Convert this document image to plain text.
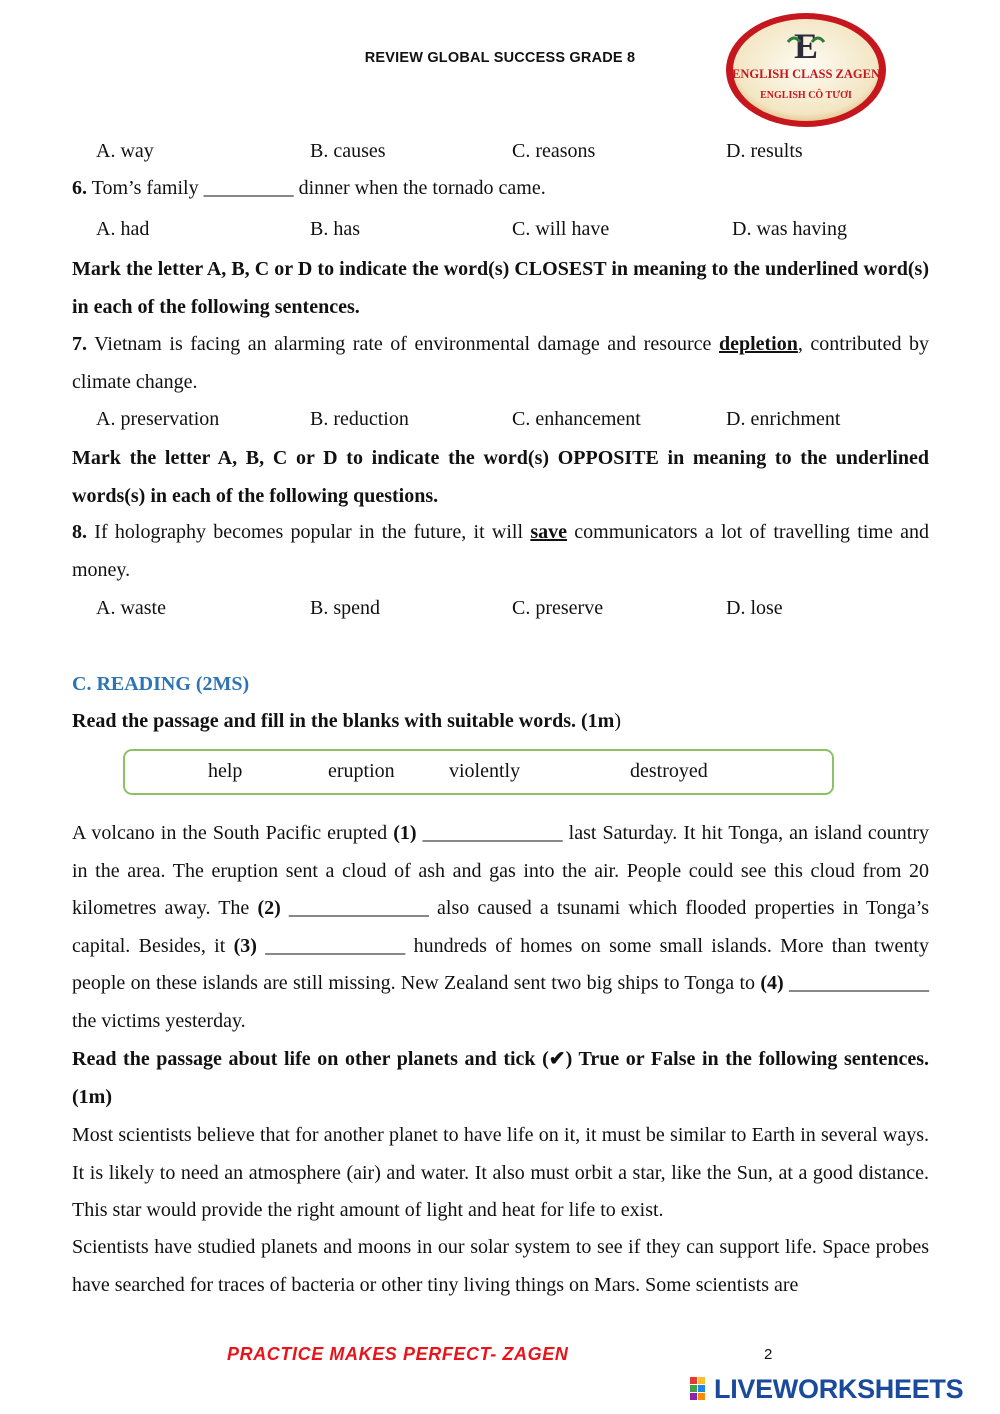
REVIEW GLOBAL SUCCESS GRADE 8	E
ENGLISH CLASS ZAGEN
ENGLISH CÔ TƯƠI
A. way	B. causes	C. reasons	D. results
6. Tom’s family _________ dinner when the tornado came.
A. had	B. has	C. will have	D. was having
Mark the letter A, B, C or D to indicate the word(s) CLOSEST in meaning to the underlined word(s) in each of the following sentences.
7. Vietnam is facing an alarming rate of environmental damage and resource depletion, contributed by climate change.
A. preservation	B. reduction	C. enhancement	D. enrichment
Mark the letter A, B, C or D to indicate the word(s) OPPOSITE in meaning to the underlined words(s) in each of the following questions.
8. If holography becomes popular in the future, it will save communicators a lot of travelling time and money.
A. waste	B. spend	C. preserve	D. lose
C. READING (2MS)
Read the passage and fill in the blanks with suitable words. (1m)
help	eruption	violently	destroyed
A volcano in the South Pacific erupted (1) ______________ last Saturday. It hit Tonga, an island country in the area. The eruption sent a cloud of ash and gas into the air. People could see this cloud from 20 kilometres away. The (2) ______________ also caused a tsunami which flooded properties in Tonga’s capital. Besides, it (3) ______________ hundreds of homes on some small islands. More than twenty people on these islands are still missing. New Zealand sent two big ships to Tonga to (4) ______________ the victims yesterday.
Read the passage about life on other planets and tick (✔) True or False in the following sentences. (1m)
Most scientists believe that for another planet to have life on it, it must be similar to Earth in several ways. It is likely to need an atmosphere (air) and water. It also must orbit a star, like the Sun, at a good distance. This star would provide the right amount of light and heat for life to exist.
Scientists have studied planets and moons in our solar system to see if they can support life. Space probes have searched for traces of bacteria or other tiny living things on Mars. Some scientists are
PRACTICE MAKES PERFECT- ZAGEN	2
LIVEWORKSHEETS
